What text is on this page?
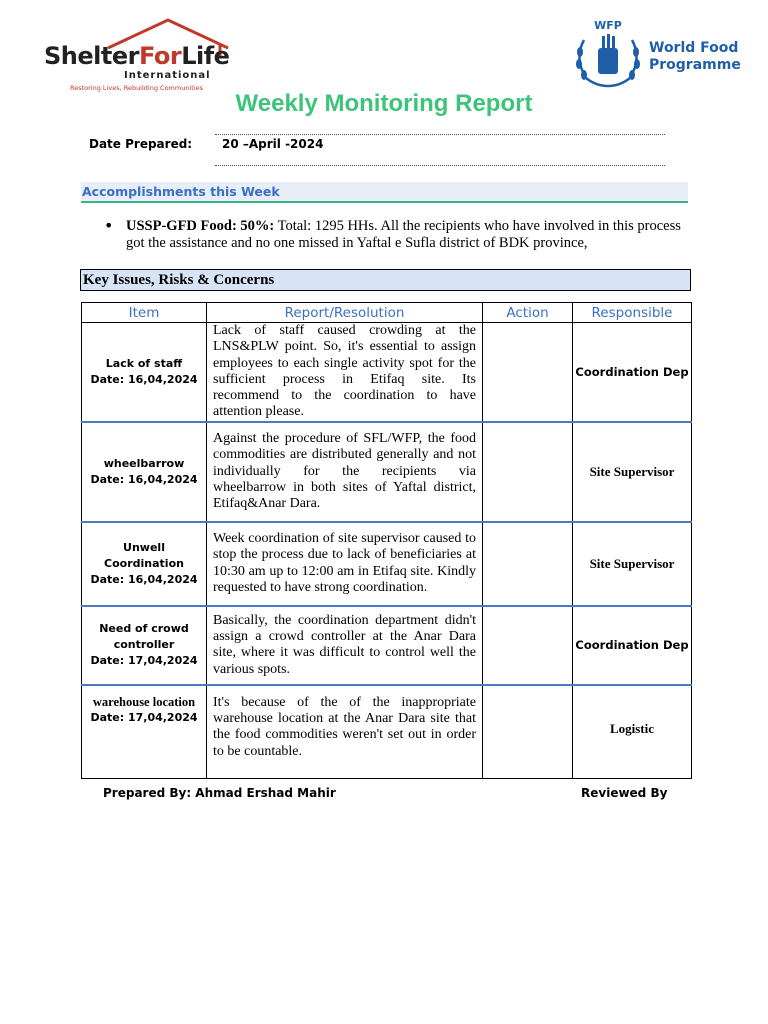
ShelterForLife
International
Restoring Lives, Rebuilding Communities
WFP
World Food
Programme
Weekly Monitoring Report
Date Prepared: 20 –April -2024
Accomplishments this Week
• USSP-GFD Food: 50%: Total: 1295 HHs. All the recipients who have involved in this process got the assistance and no one missed in Yaftal e Sufla district of BDK province,
Key Issues, Risks & Concerns
Item	Report/Resolution	Action	Responsible

Lack of staff
Date: 16,04,2024	Lack of staff caused crowding at the LNS&PLW point. So, it's essential to assign employees to each single activity spot for the sufficient process in Etifaq site. Its recommend to the coordination to have attention please.		Coordination Dep

wheelbarrow
Date: 16,04,2024	Against the procedure of SFL/WFP, the food commodities are distributed generally and not individually for the recipients via wheelbarrow in both sites of Yaftal district, Etifaq&Anar Dara.		Site Supervisor

Unwell Coordination
Date: 16,04,2024	Week coordination of site supervisor caused to stop the process due to lack of beneficiaries at 10:30 am up to 12:00 am in Etifaq site. Kindly requested to have strong coordination.		Site Supervisor

Need of crowd controller
Date: 17,04,2024	Basically, the coordination department didn't assign a crowd controller at the Anar Dara site, where it was difficult to control well the various spots.		Coordination Dep

warehouse location
Date: 17,04,2024	It's because of the of the inappropriate warehouse location at the Anar Dara site that the food commodities weren't set out in order to be countable.		Logistic
Prepared By: Ahmad Ershad Mahir	Reviewed By
